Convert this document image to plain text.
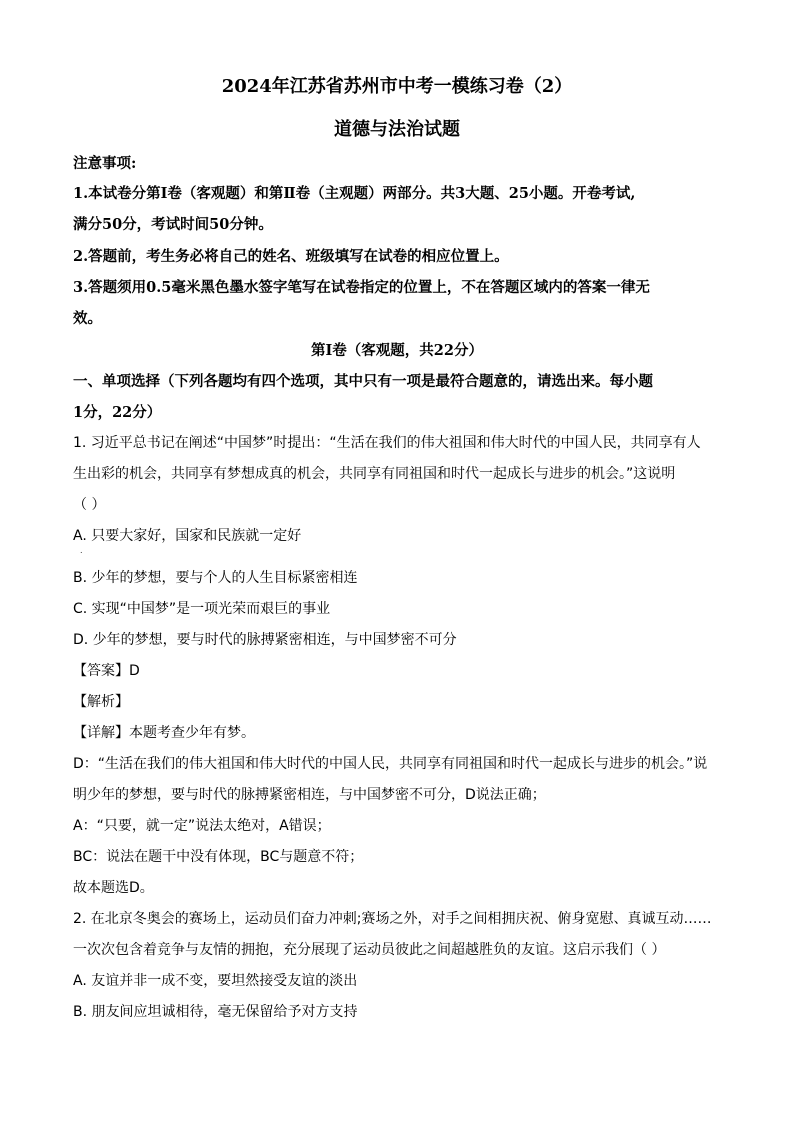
2024年江苏省苏州市中考一模练习卷（2）
道德与法治试题
注意事项:
1.本试卷分第Ⅰ卷（客观题）和第Ⅱ卷（主观题）两部分。共3大题、25小题。开卷考试,
满分50分，考试时间50分钟。
2.答题前，考生务必将自己的姓名、班级填写在试卷的相应位置上。
3.答题须用0.5毫米黑色墨水签字笔写在试卷指定的位置上，不在答题区域内的答案一律无
效。
第Ⅰ卷（客观题，共22分）
一、单项选择（下列各题均有四个选项，其中只有一项是最符合题意的，请选出来。每小题
1分，22分）
1. 习近平总书记在阐述“中国梦”时提出：“生活在我们的伟大祖国和伟大时代的中国人民，共同享有人
生出彩的机会，共同享有梦想成真的机会，共同享有同祖国和时代一起成长与进步的机会。”这说明
（ ）
A. 只要大家好，国家和民族就一定好
.
B. 少年的梦想，要与个人的人生目标紧密相连
C. 实现“中国梦”是一项光荣而艰巨的事业
D. 少年的梦想，要与时代的脉搏紧密相连，与中国梦密不可分
【答案】D
【解析】
【详解】本题考查少年有梦。
D：“生活在我们的伟大祖国和伟大时代的中国人民，共同享有同祖国和时代一起成长与进步的机会。”说
明少年的梦想，要与时代的脉搏紧密相连，与中国梦密不可分，D说法正确；
A：“只要，就一定”说法太绝对，A错误；
BC：说法在题干中没有体现，BC与题意不符；
故本题选D。
2. 在北京冬奥会的赛场上，运动员们奋力冲刺;赛场之外，对手之间相拥庆祝、俯身宽慰、真诚互动……
一次次包含着竞争与友情的拥抱，充分展现了运动员彼此之间超越胜负的友谊。这启示我们（ ）
A. 友谊并非一成不变，要坦然接受友谊的淡出
B. 朋友间应坦诚相待，毫无保留给予对方支持
